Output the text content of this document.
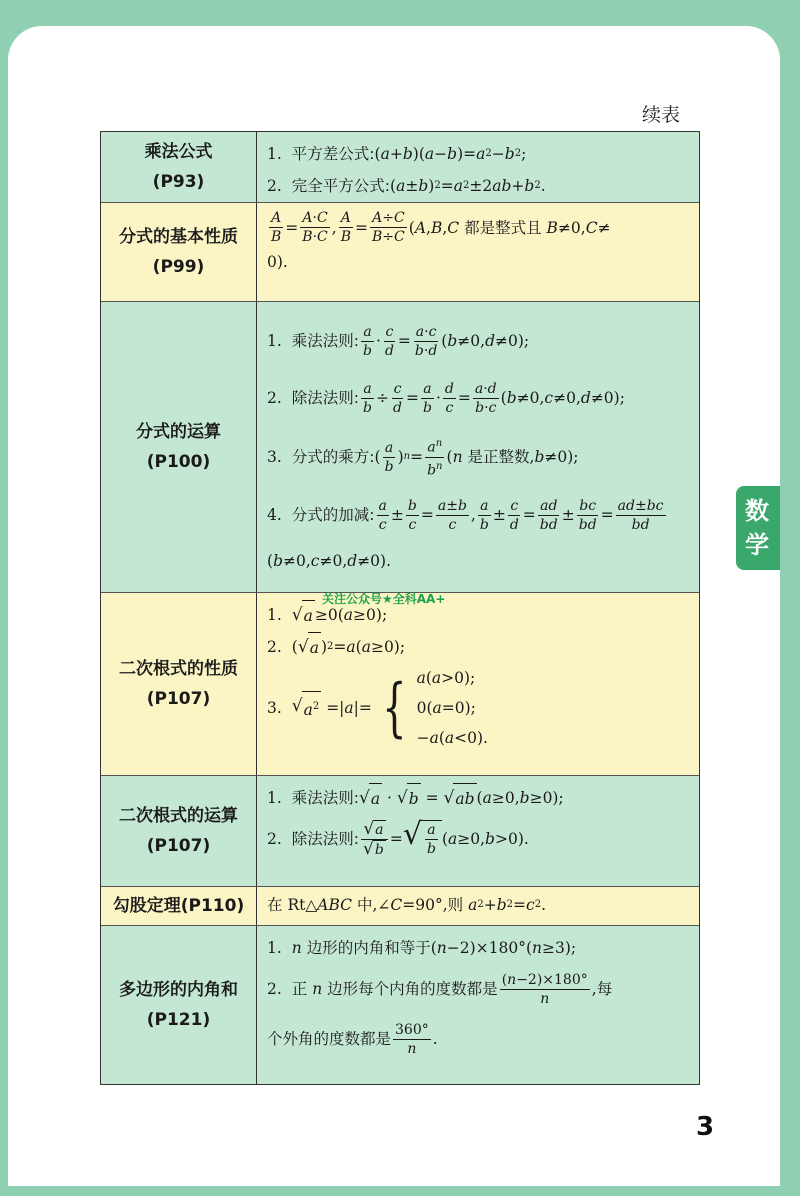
续表
乘法公式
(P93)
1. 平方差公式: ( a + b )( a − b )= a 2 − b 2 ;
2. 完全平方公式: ( a ± b ) 2 = a 2 ±2 ab + b 2 .
分式的基本性质
(P99)
$\frac{A}{B} = \frac{A\cdot C}{B\cdot C}$ , $\frac{A}{B} = \frac{A\div C}{B\div C}$ ( A , B , C
都是整式且
B ≠0, C ≠
0).
分式的运算
(P100)
1. 乘法法则: $\frac{a}{b} \cdot \frac{c}{d} = \frac{a\cdot c}{b\cdot d}$ ( b ≠0, d ≠0);
2. 除法法则: $\frac{a}{b} \div \frac{c}{d} = \frac{a}{b} \cdot \frac{d}{c} = \frac{a\cdot d}{b\cdot c}$ ( b ≠0, c ≠0, d ≠0);
3. 分式的乘方: ( $\frac{a}{b}$ ) $n = \frac{a^n}{b^n}$ ( n
是正整数 , b ≠0);
4. 分式的加减: $\frac{a}{c} \pm \frac{b}{c} = \frac{a\pm b}{c}$ , $\frac{a}{b} \pm \frac{c}{d} = \frac{ad}{bd} \pm \frac{bc}{bd} = \frac{ad\pm bc}{bd}$
( b ≠0, c ≠0, d ≠0).
二次根式的性质
(P107)
1. √ a ≥0( a ≥0);
2. ( √ a ) 2 = a ( a ≥0);
3. √ $a^2$ =| a |= { a(a>0);
0(a=0);
−a(a<0).
二次根式的运算
(P107)
1. 乘法法则: √ a · √ b = √ ab ( a ≥0, b ≥0);
2. 除法法则: $\frac{√ a}{√ b}$ = √ $\frac{a}{b}$ ( a ≥0, b >0).
勾股定理(P110) 在 Rt△ ABC
中 ,∠ C =90°, 则
a 2 + b 2 = c 2 .
多边形的内角和
(P121)
1. n
边形的内角和等于 ( n −2)×180°( n ≥3);
2. 正
n
边形每个内角的度数都是 $\frac{(n-2)\times 180^\circ}{n}$ , 每
个外角的度数都是 $\frac{360^\circ}{n}$ .
关注公众号★全科AA+
数
学
3
